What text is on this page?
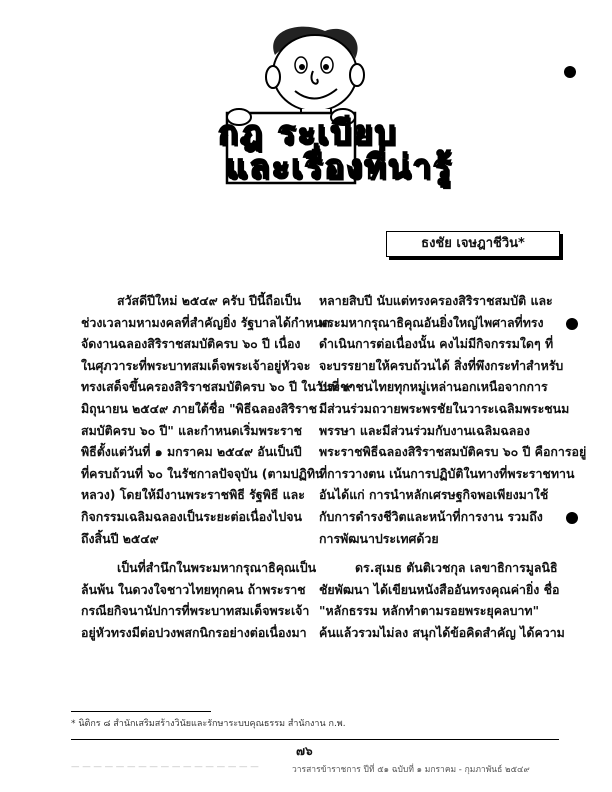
กฎ ระเบียบ
และเรื่องที่น่ารู้
ธงชัย เจษฎาชีวิน*
สวัสดีปีใหม่ ๒๕๔๙ ครับ ปีนี้ถือเป็น
ช่วงเวลามหามงคลที่สำคัญยิ่ง รัฐบาลได้กำหนด
จัดงานฉลองสิริราชสมบัติครบ ๖๐ ปี เนื่อง
ในศุภวาระที่พระบาทสมเด็จพระเจ้าอยู่หัวจะ
ทรงเสด็จขึ้นครองสิริราชสมบัติครบ ๖๐ ปี ในวันที่ ๙
มิถุนายน ๒๕๔๙ ภายใต้ชื่อ "พิธีฉลองสิริราช
สมบัติครบ ๖๐ ปี" และกำหนดเริ่มพระราช
พิธีตั้งแต่วันที่ ๑ มกราคม ๒๕๔๙ อันเป็นปี
ที่ครบถ้วนที่ ๖๐ ในรัชกาลปัจจุบัน (ตามปฏิทิน
หลวง) โดยให้มีงานพระราชพิธี รัฐพิธี และ
กิจกรรมเฉลิมฉลองเป็นระยะต่อเนื่องไปจน
ถึงสิ้นปี ๒๕๔๙
เป็นที่สำนึกในพระมหากรุณาธิคุณเป็น
ล้นพ้น ในดวงใจชาวไทยทุกคน ถ้าพระราช
กรณียกิจนานัปการที่พระบาทสมเด็จพระเจ้า
อยู่หัวทรงมีต่อปวงพสกนิกรอย่างต่อเนื่องมา
หลายสิบปี นับแต่ทรงครองสิริราชสมบัติ และ
พระมหากรุณาธิคุณอันยิ่งใหญ่ไพศาลที่ทรง
ดำเนินการต่อเนื่องนั้น คงไม่มีกิจกรรมใดๆ ที่
จะบรรยายให้ครบถ้วนได้ สิ่งที่พึงกระทำสำหรับ
ประชาชนไทยทุกหมู่เหล่านอกเหนือจากการ
มีส่วนร่วมถวายพระพรชัยในวาระเฉลิมพระชนม
พรรษา และมีส่วนร่วมกับงานเฉลิมฉลอง
พระราชพิธีฉลองสิริราชสมบัติครบ ๖๐ ปี คือการอยู่
ที่การวางตน เน้นการปฏิบัติในทางที่พระราชทาน
อันได้แก่ การนำหลักเศรษฐกิจพอเพียงมาใช้
กับการดำรงชีวิตและหน้าที่การงาน รวมถึง
การพัฒนาประเทศด้วย
ดร.สุเมธ ตันติเวชกุล เลขาธิการมูลนิธิ
ชัยพัฒนา ได้เขียนหนังสืออันทรงคุณค่ายิ่ง ชื่อ
"หลักธรรม หลักทำตามรอยพระยุคลบาท"
ค้นแล้วรวมไม่ลง สนุกได้ข้อคิดสำคัญ ได้ความ
* นิติกร ๘ สำนักเสริมสร้างวินัยและรักษาระบบคุณธรรม สำนักงาน ก.พ.
๗๖
— — — — — — — — — — — — — — — — —	วารสารข้าราชการ ปีที่ ๕๑ ฉบับที่ ๑ มกราคม - กุมภาพันธ์ ๒๕๔๙
